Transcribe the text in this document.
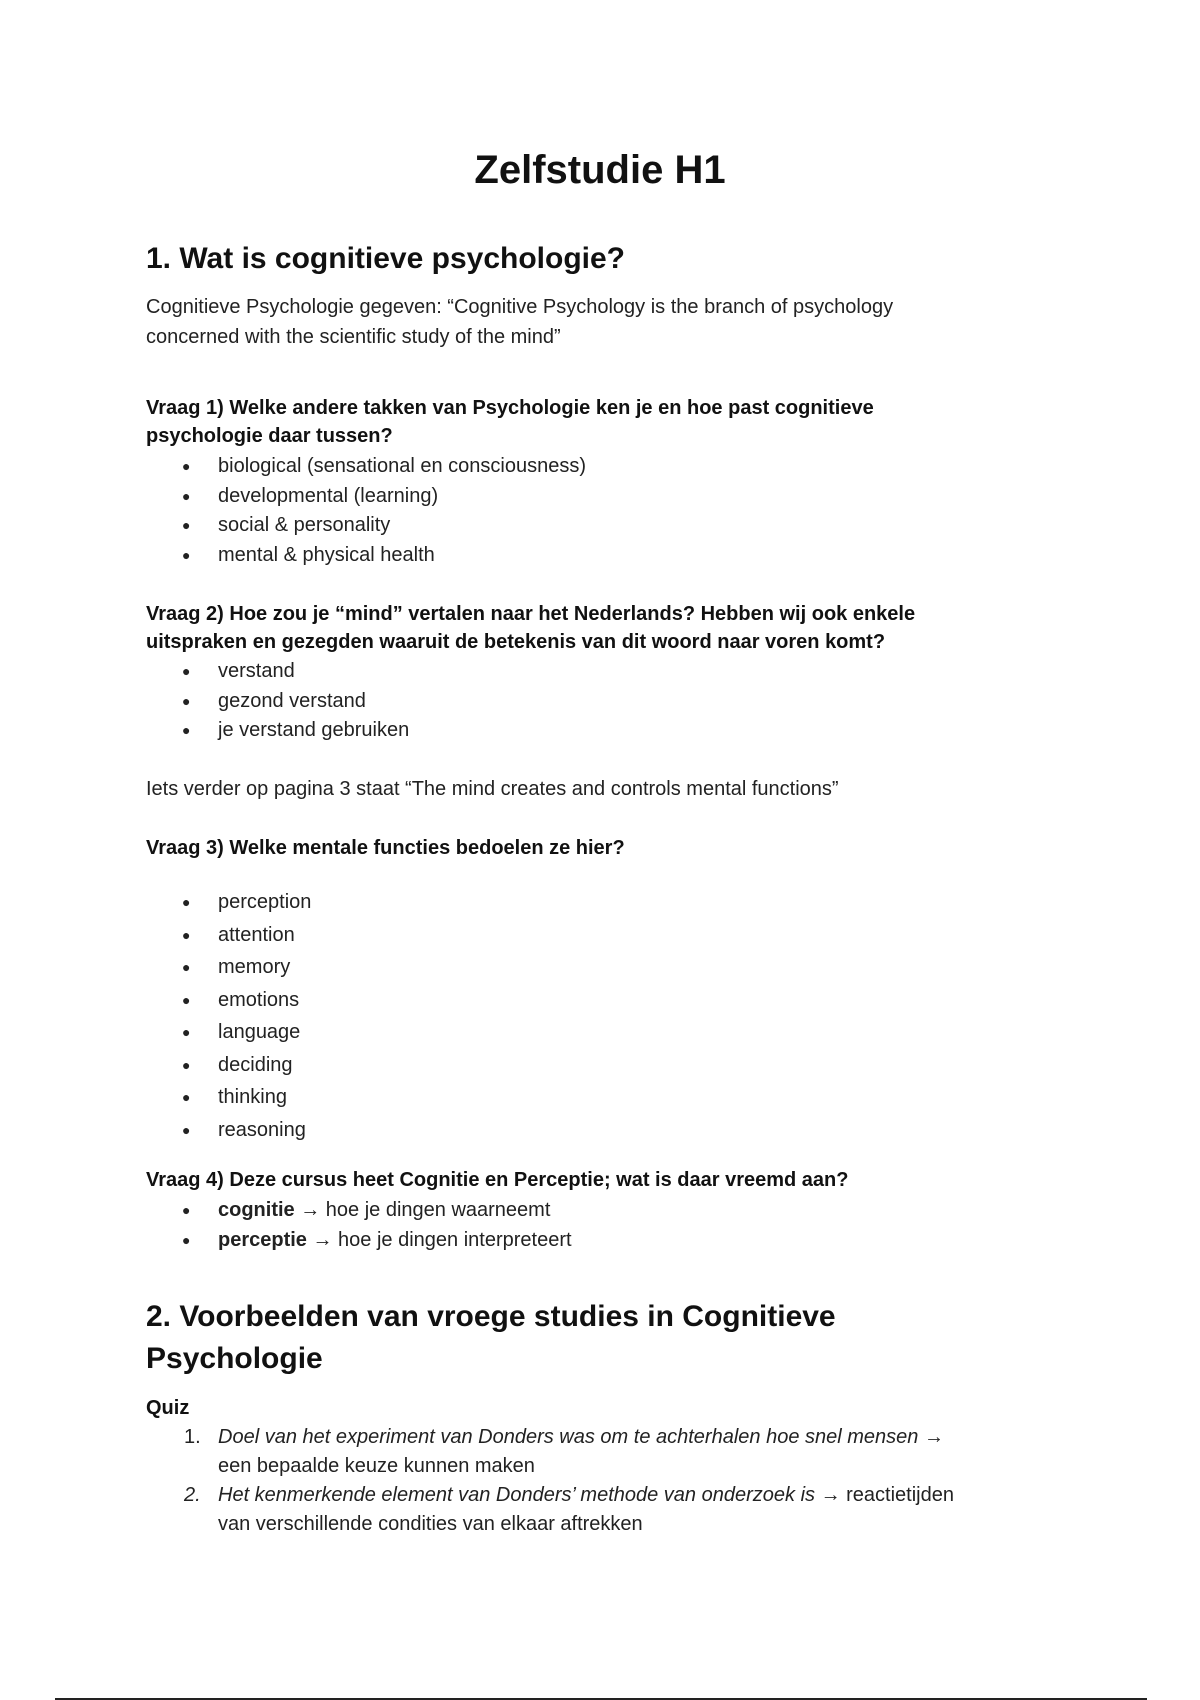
Zelfstudie H1
1. Wat is cognitieve psychologie?
Cognitieve Psychologie gegeven: “Cognitive Psychology is the branch of psychology
concerned with the scientific study of the mind”
Vraag 1) Welke andere takken van Psychologie ken je en hoe past cognitieve
psychologie daar tussen?
● biological (sensational en consciousness)
● developmental (learning)
● social & personality
● mental & physical health
Vraag 2) Hoe zou je “mind” vertalen naar het Nederlands? Hebben wij ook enkele
uitspraken en gezegden waaruit de betekenis van dit woord naar voren komt?
● verstand
● gezond verstand
● je verstand gebruiken
Iets verder op pagina 3 staat “The mind creates and controls mental functions”
Vraag 3) Welke mentale functies bedoelen ze hier?
● perception
● attention
● memory
● emotions
● language
● deciding
● thinking
● reasoning
Vraag 4) Deze cursus heet Cognitie en Perceptie; wat is daar vreemd aan?
● cognitie → hoe je dingen waarneemt
● perceptie → hoe je dingen interpreteert
2. Voorbeelden van vroege studies in Cognitieve
Psychologie
Quiz
1. Doel van het experiment van Donders was om te achterhalen hoe snel mensen →
een bepaalde keuze kunnen maken
2. Het kenmerkende element van Donders’ methode van onderzoek is → reactietijden
van verschillende condities van elkaar aftrekken
